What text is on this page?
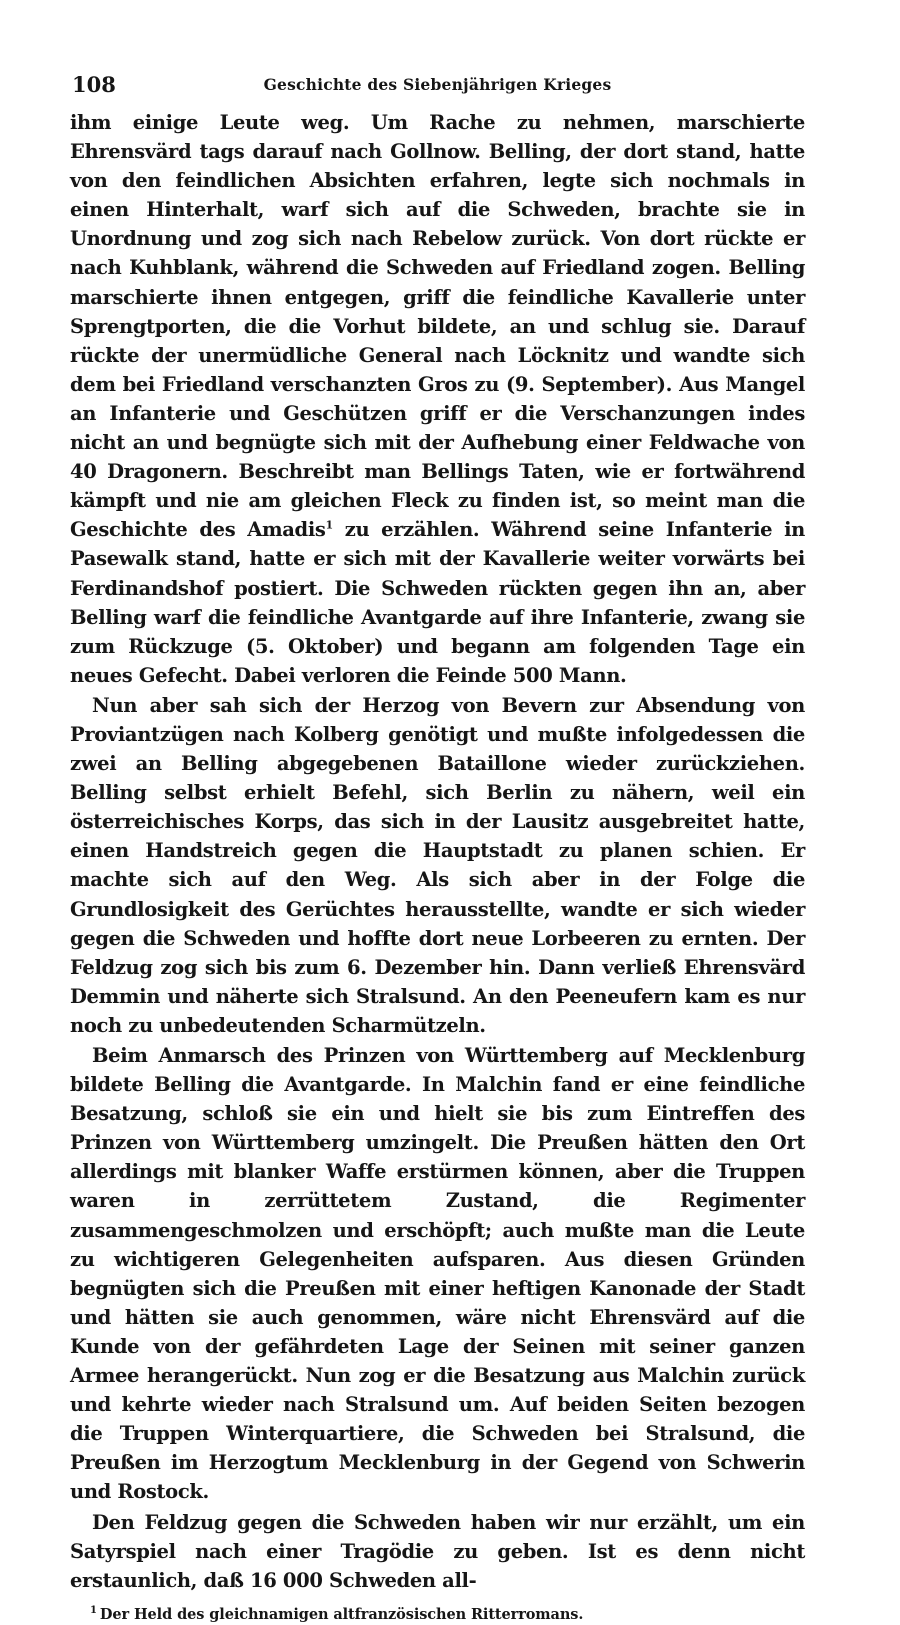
108	Geschichte des Siebenjährigen Krieges

ihm einige Leute weg. Um Rache zu nehmen, marschierte Ehrensvärd tags darauf nach Gollnow. Belling, der dort stand, hatte von den feindlichen Absichten erfahren, legte sich nochmals in einen Hinterhalt, warf sich auf die Schweden, brachte sie in Unordnung und zog sich nach Rebelow zurück. Von dort rückte er nach Kuhblank, während die Schweden auf Friedland zogen. Belling marschierte ihnen entgegen, griff die feindliche Kavallerie unter Sprengtporten, die die Vorhut bildete, an und schlug sie. Darauf rückte der unermüdliche General nach Löcknitz und wandte sich dem bei Friedland verschanzten Gros zu (9. September). Aus Mangel an Infanterie und Geschützen griff er die Verschanzungen indes nicht an und begnügte sich mit der Aufhebung einer Feldwache von 40 Dragonern. Beschreibt man Bellings Taten, wie er fortwährend kämpft und nie am gleichen Fleck zu finden ist, so meint man die Geschichte des Amadis$^1$ zu erzählen. Während seine Infanterie in Pasewalk stand, hatte er sich mit der Kavallerie weiter vorwärts bei Ferdinandshof postiert. Die Schweden rückten gegen ihn an, aber Belling warf die feindliche Avantgarde auf ihre Infanterie, zwang sie zum Rückzuge (5. Oktober) und begann am folgenden Tage ein neues Gefecht. Dabei verloren die Feinde 500 Mann.

Nun aber sah sich der Herzog von Bevern zur Absendung von Proviantzügen nach Kolberg genötigt und mußte infolgedessen die zwei an Belling abgegebenen Bataillone wieder zurückziehen. Belling selbst erhielt Befehl, sich Berlin zu nähern, weil ein österreichisches Korps, das sich in der Lausitz ausgebreitet hatte, einen Handstreich gegen die Hauptstadt zu planen schien. Er machte sich auf den Weg. Als sich aber in der Folge die Grundlosigkeit des Gerüchtes herausstellte, wandte er sich wieder gegen die Schweden und hoffte dort neue Lorbeeren zu ernten. Der Feldzug zog sich bis zum 6. Dezember hin. Dann verließ Ehrensvärd Demmin und näherte sich Stralsund. An den Peeneufern kam es nur noch zu unbedeutenden Scharmützeln.

Beim Anmarsch des Prinzen von Württemberg auf Mecklenburg bildete Belling die Avantgarde. In Malchin fand er eine feindliche Besatzung, schloß sie ein und hielt sie bis zum Eintreffen des Prinzen von Württemberg umzingelt. Die Preußen hätten den Ort allerdings mit blanker Waffe erstürmen können, aber die Truppen waren in zerrüttetem Zustand, die Regimenter zusammengeschmolzen und erschöpft; auch mußte man die Leute zu wichtigeren Gelegenheiten aufsparen. Aus diesen Gründen begnügten sich die Preußen mit einer heftigen Kanonade der Stadt und hätten sie auch genommen, wäre nicht Ehrensvärd auf die Kunde von der gefährdeten Lage der Seinen mit seiner ganzen Armee herangerückt. Nun zog er die Besatzung aus Malchin zurück und kehrte wieder nach Stralsund um. Auf beiden Seiten bezogen die Truppen Winterquartiere, die Schweden bei Stralsund, die Preußen im Herzogtum Mecklenburg in der Gegend von Schwerin und Rostock.

Den Feldzug gegen die Schweden haben wir nur erzählt, um ein Satyrspiel nach einer Tragödie zu geben. Ist es denn nicht erstaunlich, daß 16 000 Schweden all-

$^1$ Der Held des gleichnamigen altfranzösischen Ritterromans.
